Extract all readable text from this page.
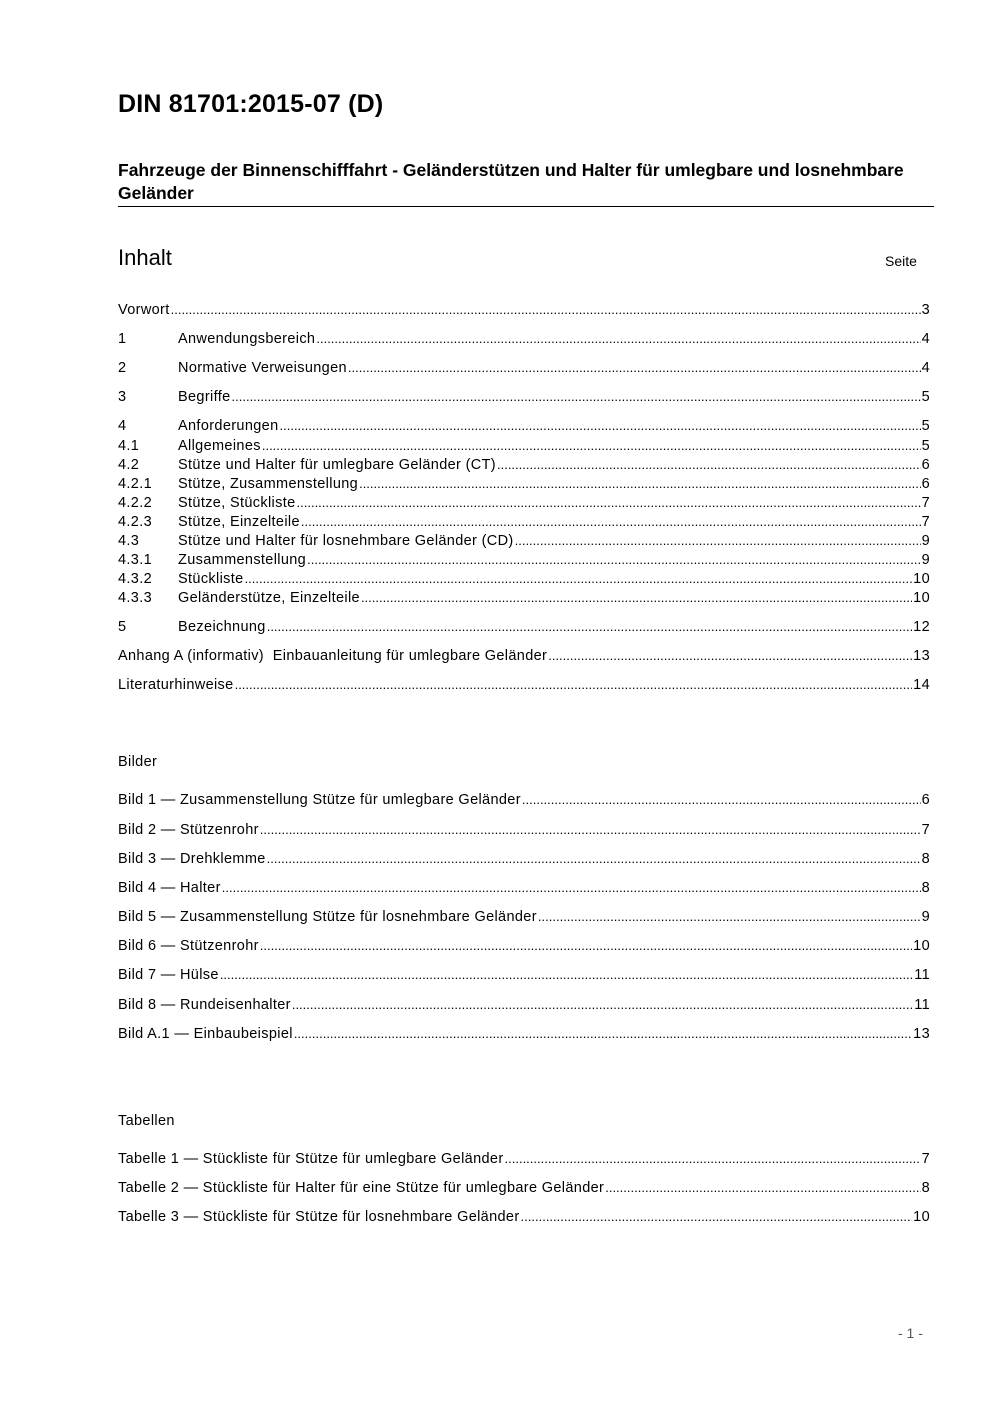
DIN 81701:2015-07 (D)
Fahrzeuge der Binnenschifffahrt - Geländerstützen und Halter für umlegbare und losnehmbare Geländer
Inhalt	Seite
Vorwort .....	3
1	Anwendungsbereich .....	4
2	Normative Verweisungen .....	4
3	Begriffe .....	5
4	Anforderungen .....	5
4.1	Allgemeines .....	5
4.2	Stütze und Halter für umlegbare Geländer (CT) .....	6
4.2.1	Stütze, Zusammenstellung .....	6
4.2.2	Stütze, Stückliste .....	7
4.2.3	Stütze, Einzelteile .....	7
4.3	Stütze und Halter für losnehmbare Geländer (CD) .....	9
4.3.1	Zusammenstellung .....	9
4.3.2	Stückliste .....	10
4.3.3	Geländerstütze, Einzelteile .....	10
5	Bezeichnung .....	12
Anhang A (informativ)  Einbauanleitung für umlegbare Geländer .....	13
Literaturhinweise .....	14
Bilder
Bild 1 — Zusammenstellung Stütze für umlegbare Geländer .....	6
Bild 2 — Stützenrohr .....	7
Bild 3 — Drehklemme .....	8
Bild 4 — Halter .....	8
Bild 5 — Zusammenstellung Stütze für losnehmbare Geländer .....	9
Bild 6 — Stützenrohr .....	10
Bild 7 — Hülse .....	11
Bild 8 — Rundeisenhalter .....	11
Bild A.1 — Einbaubeispiel .....	13
Tabellen
Tabelle 1 — Stückliste für Stütze für umlegbare Geländer .....	7
Tabelle 2 — Stückliste für Halter für eine Stütze für umlegbare Geländer .....	8
Tabelle 3 — Stückliste für Stütze für losnehmbare Geländer .....	10
- 1 -
